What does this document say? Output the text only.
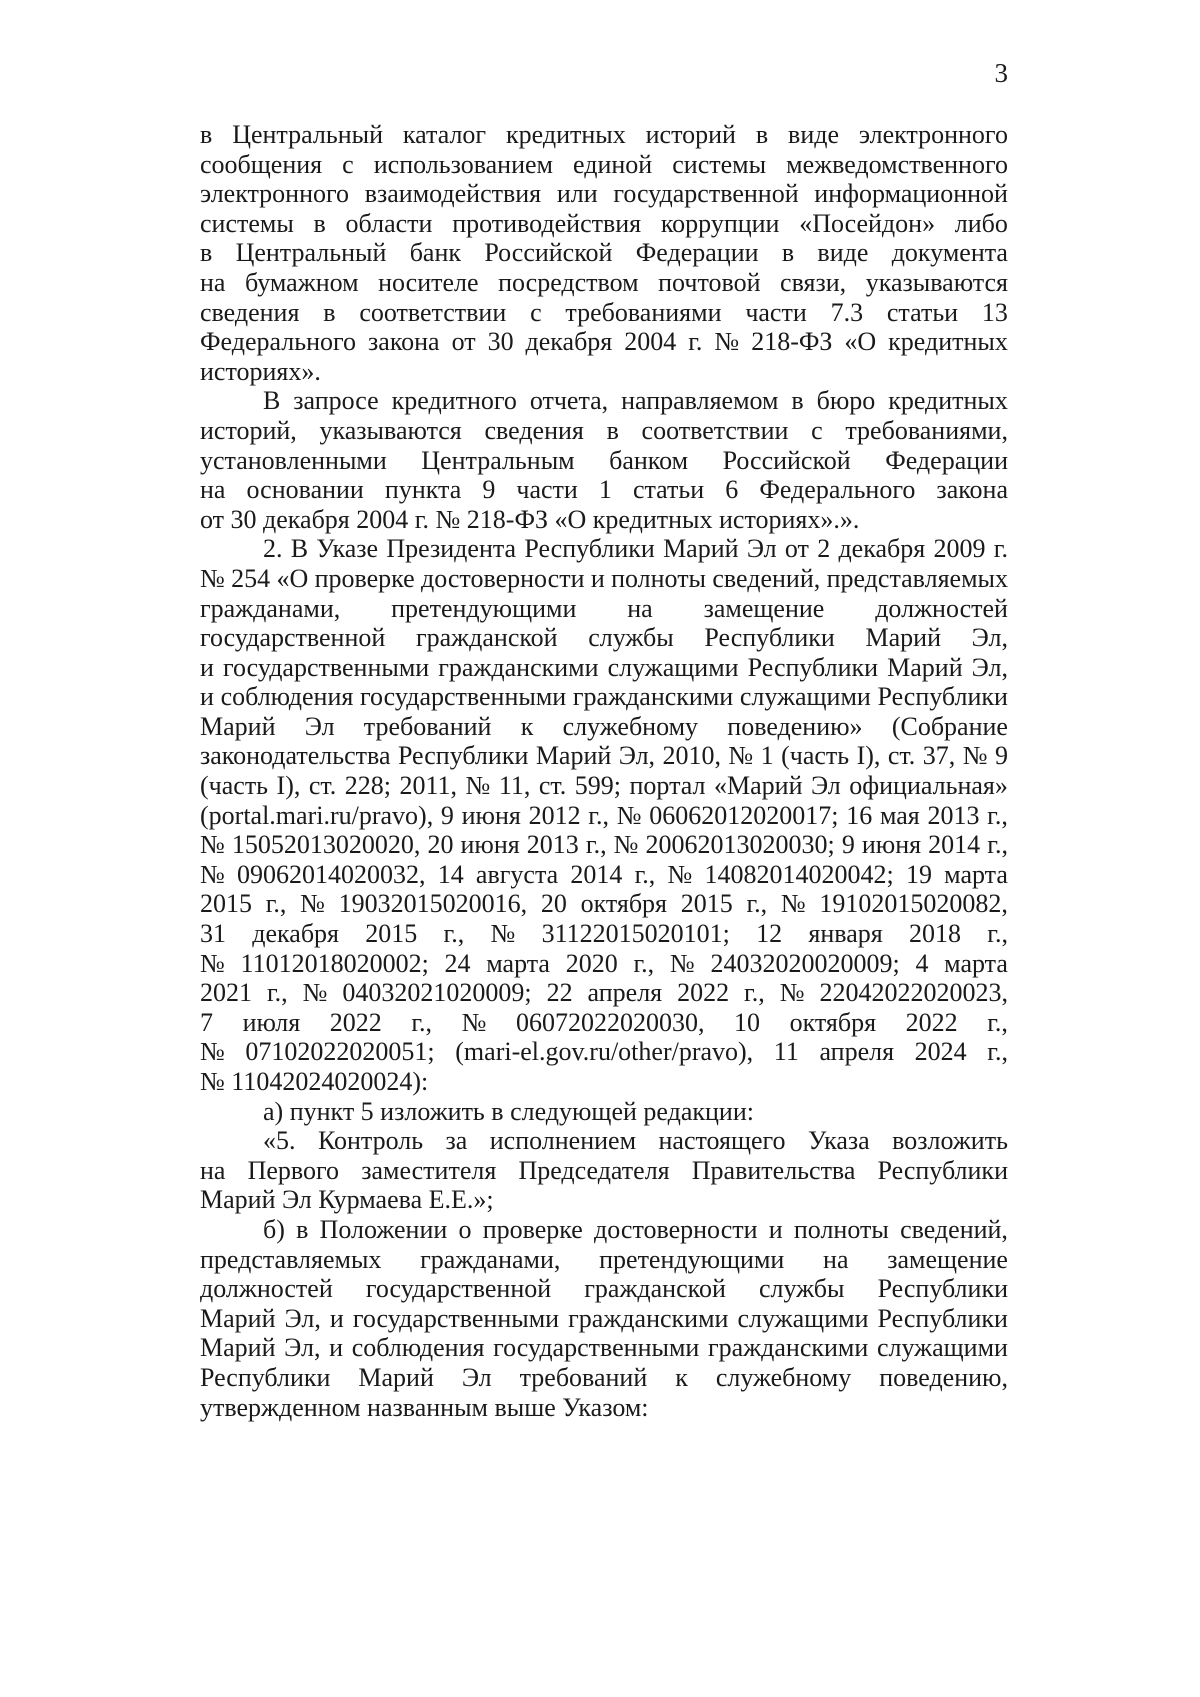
3
в Центральный каталог кредитных историй в виде электронного
сообщения с использованием единой системы межведомственного
электронного взаимодействия или государственной информационной
системы в области противодействия коррупции «Посейдон» либо
в Центральный банк Российской Федерации в виде документа
на бумажном носителе посредством почтовой связи, указываются
сведения в соответствии с требованиями части 7.3 статьи 13
Федерального закона от 30 декабря 2004 г. № 218-ФЗ «О кредитных
историях».
В запросе кредитного отчета, направляемом в бюро кредитных
историй, указываются сведения в соответствии с требованиями,
установленными Центральным банком Российской Федерации
на основании пункта 9 части 1 статьи 6 Федерального закона
от 30 декабря 2004 г. № 218-ФЗ «О кредитных историях».».
2. В Указе Президента Республики Марий Эл от 2 декабря 2009 г.
№ 254 «О проверке достоверности и полноты сведений, представляемых
гражданами, претендующими на замещение должностей
государственной гражданской службы Республики Марий Эл,
и государственными гражданскими служащими Республики Марий Эл,
и соблюдения государственными гражданскими служащими Республики
Марий Эл требований к служебному поведению» (Собрание
законодательства Республики Марий Эл, 2010, № 1 (часть I), ст. 37, № 9
(часть I), ст. 228; 2011, № 11, ст. 599; портал «Марий Эл официальная»
(portal.mari.ru/pravo), 9 июня 2012 г., № 06062012020017; 16 мая 2013 г.,
№ 15052013020020, 20 июня 2013 г., № 20062013020030; 9 июня 2014 г.,
№ 09062014020032, 14 августа 2014 г., № 14082014020042; 19 марта
2015 г., № 19032015020016, 20 октября 2015 г., № 19102015020082,
31 декабря 2015 г., № 31122015020101; 12 января 2018 г.,
№ 11012018020002; 24 марта 2020 г., № 24032020020009; 4 марта
2021 г., № 04032021020009; 22 апреля 2022 г., № 22042022020023,
7 июля 2022 г., № 06072022020030, 10 октября 2022 г.,
№ 07102022020051; (mari-el.gov.ru/other/pravo), 11 апреля 2024 г.,
№ 11042024020024):
а) пункт 5 изложить в следующей редакции:
«5. Контроль за исполнением настоящего Указа возложить
на Первого заместителя Председателя Правительства Республики
Марий Эл Курмаева Е.Е.»;
б) в Положении о проверке достоверности и полноты сведений,
представляемых гражданами, претендующими на замещение
должностей государственной гражданской службы Республики
Марий Эл, и государственными гражданскими служащими Республики
Марий Эл, и соблюдения государственными гражданскими служащими
Республики Марий Эл требований к служебному поведению,
утвержденном названным выше Указом:
